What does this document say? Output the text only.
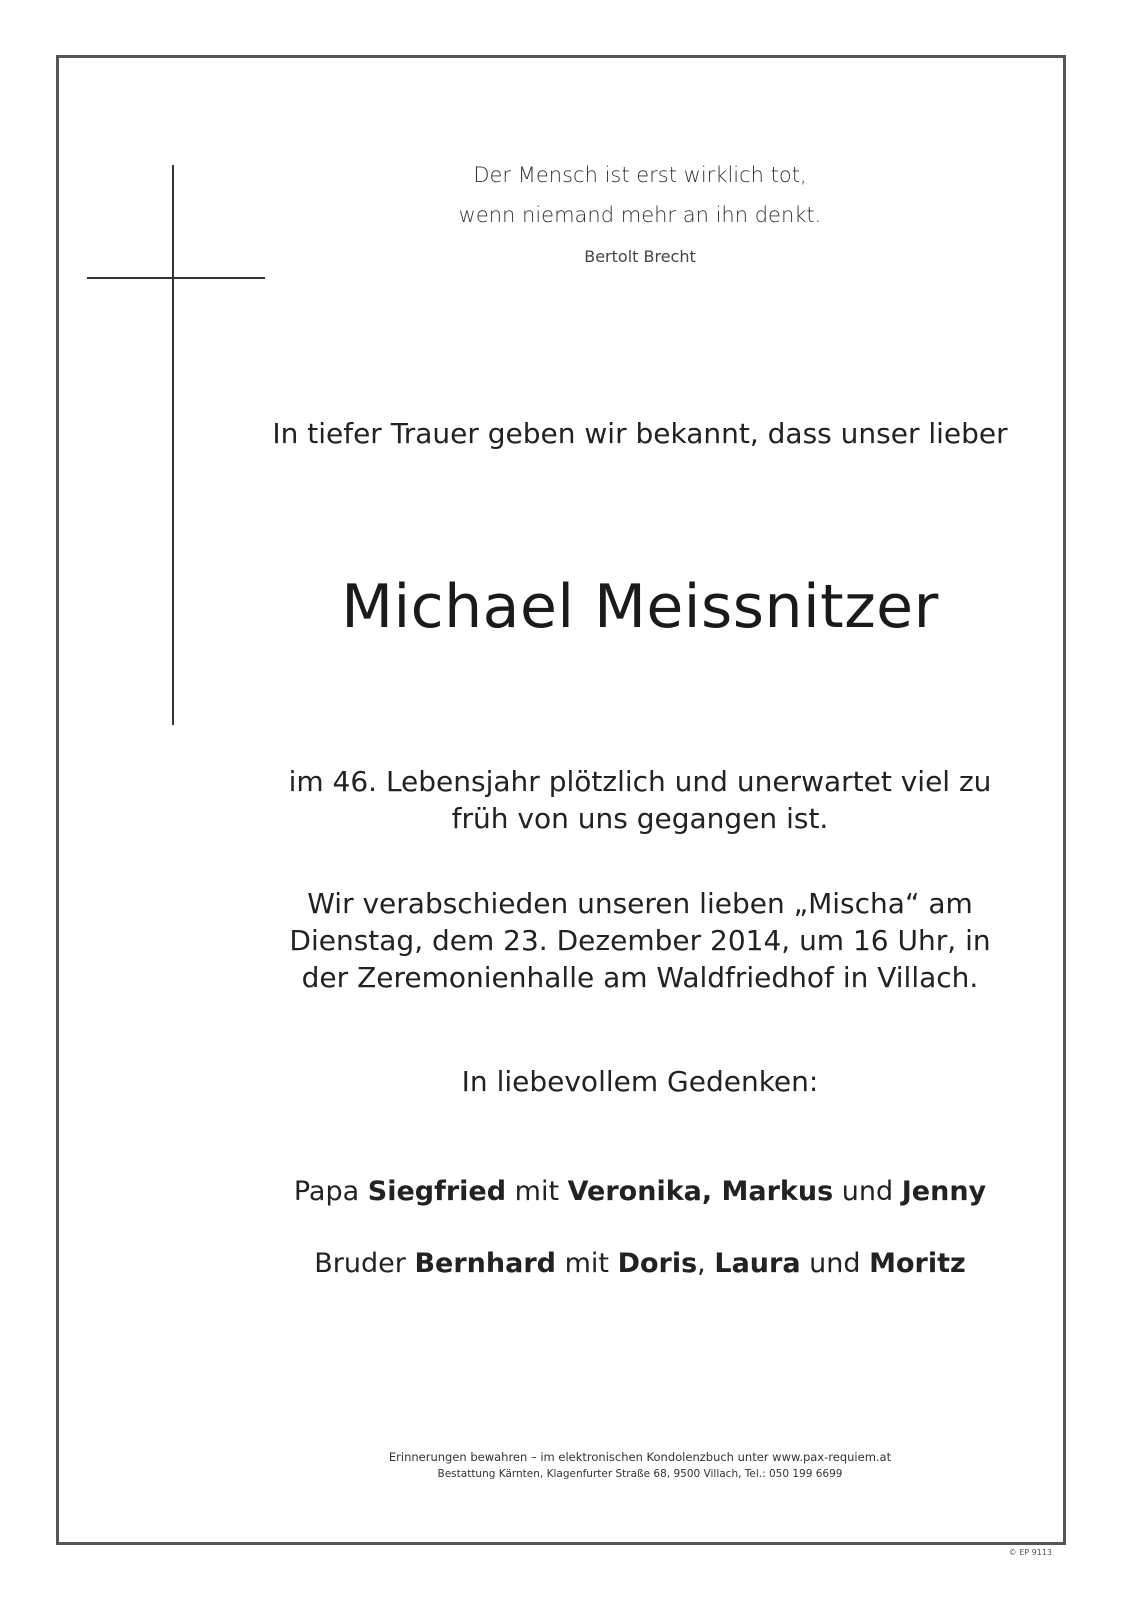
Der Mensch ist erst wirklich tot,
wenn niemand mehr an ihn denkt.
Bertolt Brecht
In tiefer Trauer geben wir bekannt, dass unser lieber
Michael Meissnitzer
im 46. Lebensjahr plötzlich und unerwartet viel zu
früh von uns gegangen ist.
Wir verabschieden unseren lieben „Mischa“ am
Dienstag, dem 23. Dezember 2014, um 16 Uhr, in
der Zeremonienhalle am Waldfriedhof in Villach.
In liebevollem Gedenken:
Papa Siegfried mit Veronika, Markus und Jenny
Bruder Bernhard mit Doris, Laura und Moritz
Erinnerungen bewahren – im elektronischen Kondolenzbuch unter www.pax-requiem.at
Bestattung Kärnten, Klagenfurter Straße 68, 9500 Villach, Tel.: 050 199 6699
© EP 9113
